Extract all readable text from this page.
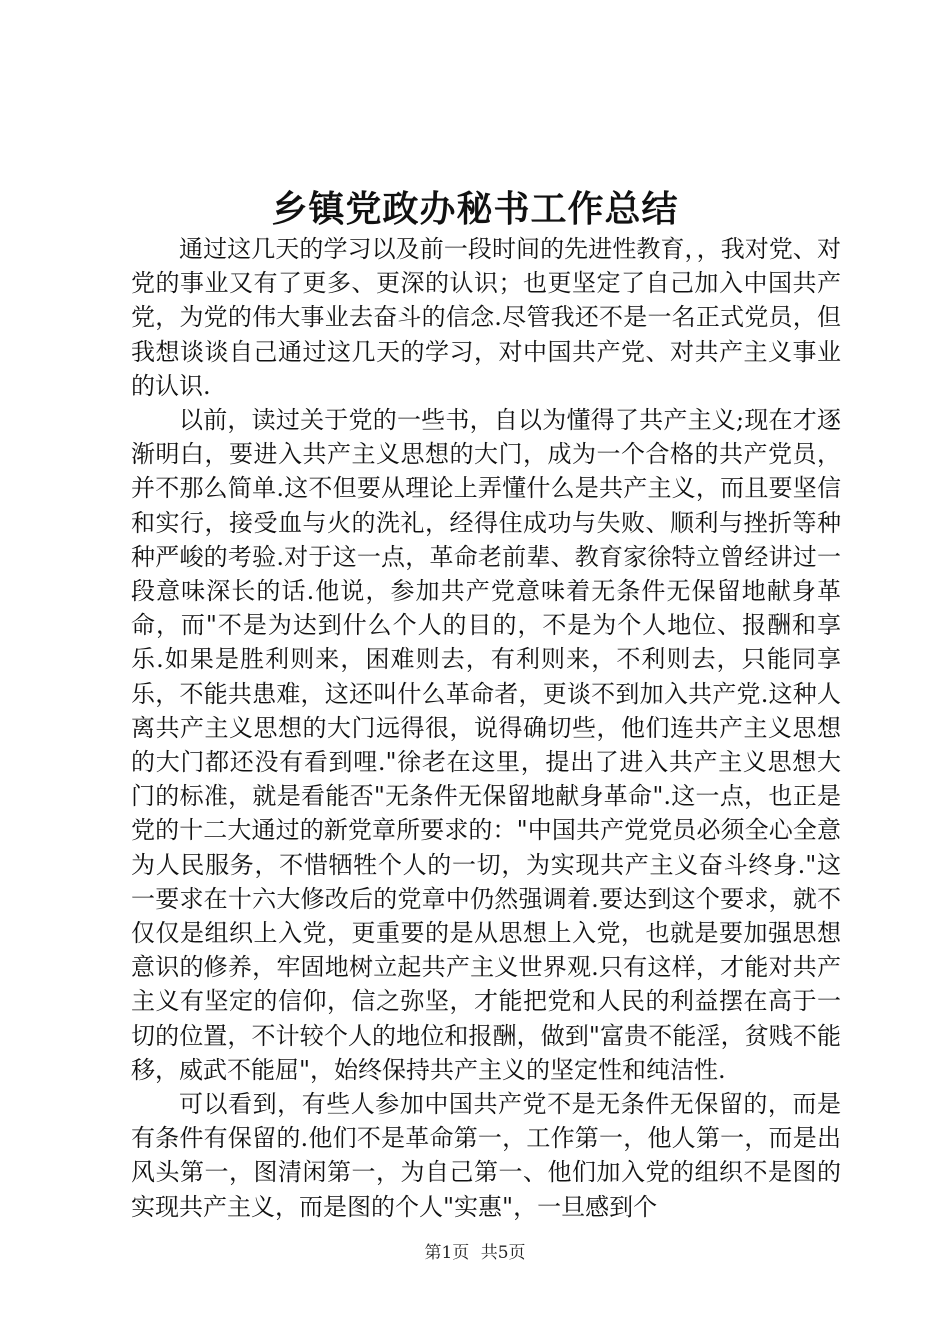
乡镇党政办秘书工作总结

通过这几天的学习以及前一段时间的先进性教育，，我对党、对党的事业又有了更多、更深的认识；也更坚定了自己加入中国共产党，为党的伟大事业去奋斗的信念.尽管我还不是一名正式党员，但我想谈谈自己通过这几天的学习，对中国共产党、对共产主义事业的认识.

以前，读过关于党的一些书，自以为懂得了共产主义;现在才逐渐明白，要进入共产主义思想的大门，成为一个合格的共产党员，并不那么简单.这不但要从理论上弄懂什么是共产主义，而且要坚信和实行，接受血与火的洗礼，经得住成功与失败、顺利与挫折等种种严峻的考验.对于这一点，革命老前辈、教育家徐特立曾经讲过一段意味深长的话.他说，参加共产党意味着无条件无保留地献身革命，而"不是为达到什么个人的目的，不是为个人地位、报酬和享乐.如果是胜利则来，困难则去，有利则来，不利则去，只能同享乐，不能共患难，这还叫什么革命者，更谈不到加入共产党.这种人离共产主义思想的大门远得很，说得确切些，他们连共产主义思想的大门都还没有看到哩."徐老在这里，提出了进入共产主义思想大门的标准，就是看能否"无条件无保留地献身革命".这一点，也正是党的十二大通过的新党章所要求的："中国共产党党员必须全心全意为人民服务，不惜牺牲个人的一切，为实现共产主义奋斗终身."这一要求在十六大修改后的党章中仍然强调着.要达到这个要求，就不仅仅是组织上入党，更重要的是从思想上入党，也就是要加强思想意识的修养，牢固地树立起共产主义世界观.只有这样，才能对共产主义有坚定的信仰，信之弥坚，才能把党和人民的利益摆在高于一切的位置，不计较个人的地位和报酬，做到"富贵不能淫，贫贱不能移，威武不能屈"，始终保持共产主义的坚定性和纯洁性.

可以看到，有些人参加中国共产党不是无条件无保留的，而是有条件有保留的.他们不是革命第一，工作第一，他人第一，而是出风头第一，图清闲第一，为自己第一、他们加入党的组织不是图的实现共产主义，而是图的个人"实惠"，一旦感到个

第1页 共5页
